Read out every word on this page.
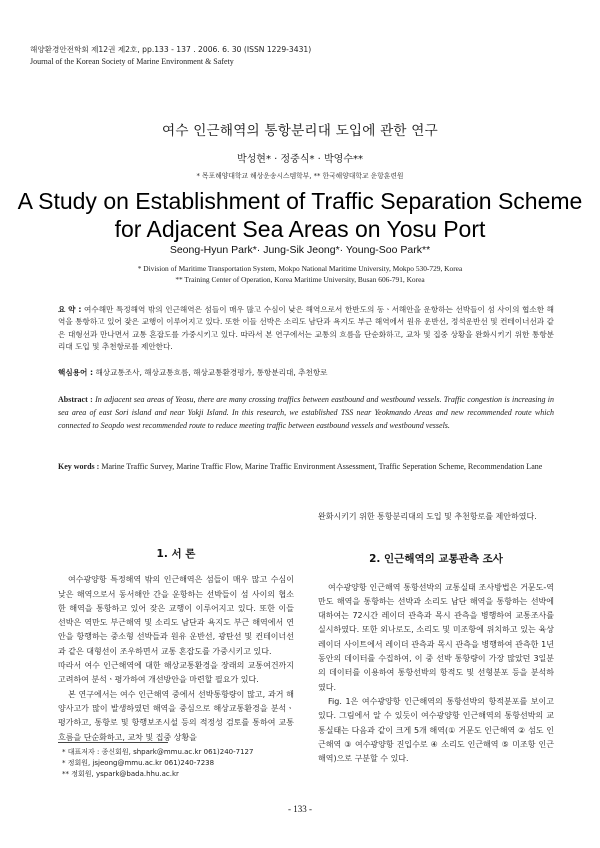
해양환경안전학회 제12권 제2호, pp.133 - 137 . 2006. 6. 30 (ISSN 1229-3431)
Journal of the Korean Society of Marine Environment & Safety
여수 인근해역의 통항분리대 도입에 관한 연구
박성현* · 정중식* · 박영수**
* 목포해양대학교 해상운송시스템학부, ** 한국해양대학교 운항훈련원
A Study on Establishment of Traffic Separation Scheme
for Adjacent Sea Areas on Yosu Port
Seong-Hyun Park*· Jung-Sik Jeong*· Young-Soo Park**
* Division of Maritime Transportation System, Mokpo National Maritime University, Mokpo 530-729, Korea
** Training Center of Operation, Korea Maritime University, Busan 606-791, Korea
요 약 : 여수해만 특정해역 밖의 인근해역은 섬들이 매우 많고 수심이 낮은 해역으로서 한반도의 동ㆍ서해안을 운항하는 선박들이 섬 사이의 협소한 해역을 통항하고 있어 잦은 교행이 이루어지고 있다. 또한 이들 선박은 소리도 남단과 욕지도 부근 해역에서 원유 운반선, 정석운반선 및 컨테이너선과 같은 대형선과 만나면서 교통 혼잡도를 가중시키고 있다. 따라서 본 연구에서는 교통의 흐름을 단순화하고, 교차 및 집중 상황을 완화시키기 위한 통항분리대 도입 및 추천항로를 제안한다.
핵심용어 : 해상교통조사, 해상교통흐름, 해상교통환경평가, 통항분리대, 추천항로
Abstract : In adjacent sea areas of Yeosu, there are many crossing traffics between eastbound and westbound vessels. Traffic congestion is increasing in sea area of east Sori island and near Yokji Island. In this research, we established TSS near Yeokmando Areas and new recommended route which connected to Seopdo west recommended route to reduce meeting traffic between eastbound vessels and westbound vessels.
Key words : Marine Traffic Survey, Marine Traffic Flow, Marine Traffic Environment Assessment, Traffic Seperation Scheme, Recommendation Lane
1. 서 론

여수광양항 특정해역 밖의 인근해역은 섬들이 매우 많고 수심이 낮은 해역으로서 동서해안 간을 운항하는 선박들이 섬 사이의 협소한 해역을 통항하고 있어 잦은 교행이 이루어지고 있다. 또한 이들 선박은 역만도 부근해역 및 소리도 남단과 욕지도 부근 해역에서 연안을 항행하는 중소형 선박들과 원유 운반선, 광탄선 및 컨테이너선과 같은 대형선이 조우하면서 교통 혼잡도를 가중시키고 있다.

따라서 여수 인근해역에 대한 해상교통환경을 장래의 교통여건까지 고려하여 분석ㆍ평가하여 개선방안을 마련할 필요가 있다.

본 연구에서는 여수 인근해역 중에서 선박통항량이 많고, 과거 해양사고가 많이 발생하였던 해역을 중심으로 해상교통환경을 분석ㆍ평가하고, 통항로 및 항행보조시설 등의 적정성 검토를 통하여 교통흐름을 단순화하고, 교차 및 집중 상황을

완화시키기 위한 통항분리대의 도입 및 추천항로를 제안하였다.

2. 인근해역의 교통관측 조사

여수광양항 인근해역 통항선박의 교통실태 조사방법은 거문도-역만도 해역을 통항하는 선박과 소리도 남단 해역을 통항하는 선박에 대하여는 72시간 레이더 관측과 목시 관측을 병행하여 교통조사를 실시하였다. 또한 외나로도, 소리도 및 미조항에 위치하고 있는 육상 레이더 사이트에서 레이더 관측과 목시 관측을 병행하여 관측한 1년동안의 데이터를 수집하여, 이 중 선박 통항량이 가장 많았던 3일분의 데이터를 이용하여 통항선박의 항적도 및 선형분포 등을 분석하였다.

Fig. 1은 여수광양항 인근해역의 통항선박의 항적분포를 보이고 있다. 그림에서 알 수 있듯이 여수광양항 인근해역의 통항선박의 교통실태는 다음과 같이 크게 5개 해역(① 거문도 인근해역 ② 섬도 인근해역 ③ 여수광양항 진입수로 ④ 소리도 인근해역 ⑤ 미조항 인근해역)으로 구분할 수 있다.

* 대표저자 : 종신회원, shpark@mmu.ac.kr 061)240-7127
* 정회원, jsjeong@mmu.ac.kr 061)240-7238
** 정회원, yspark@bada.hhu.ac.kr
- 133 -
